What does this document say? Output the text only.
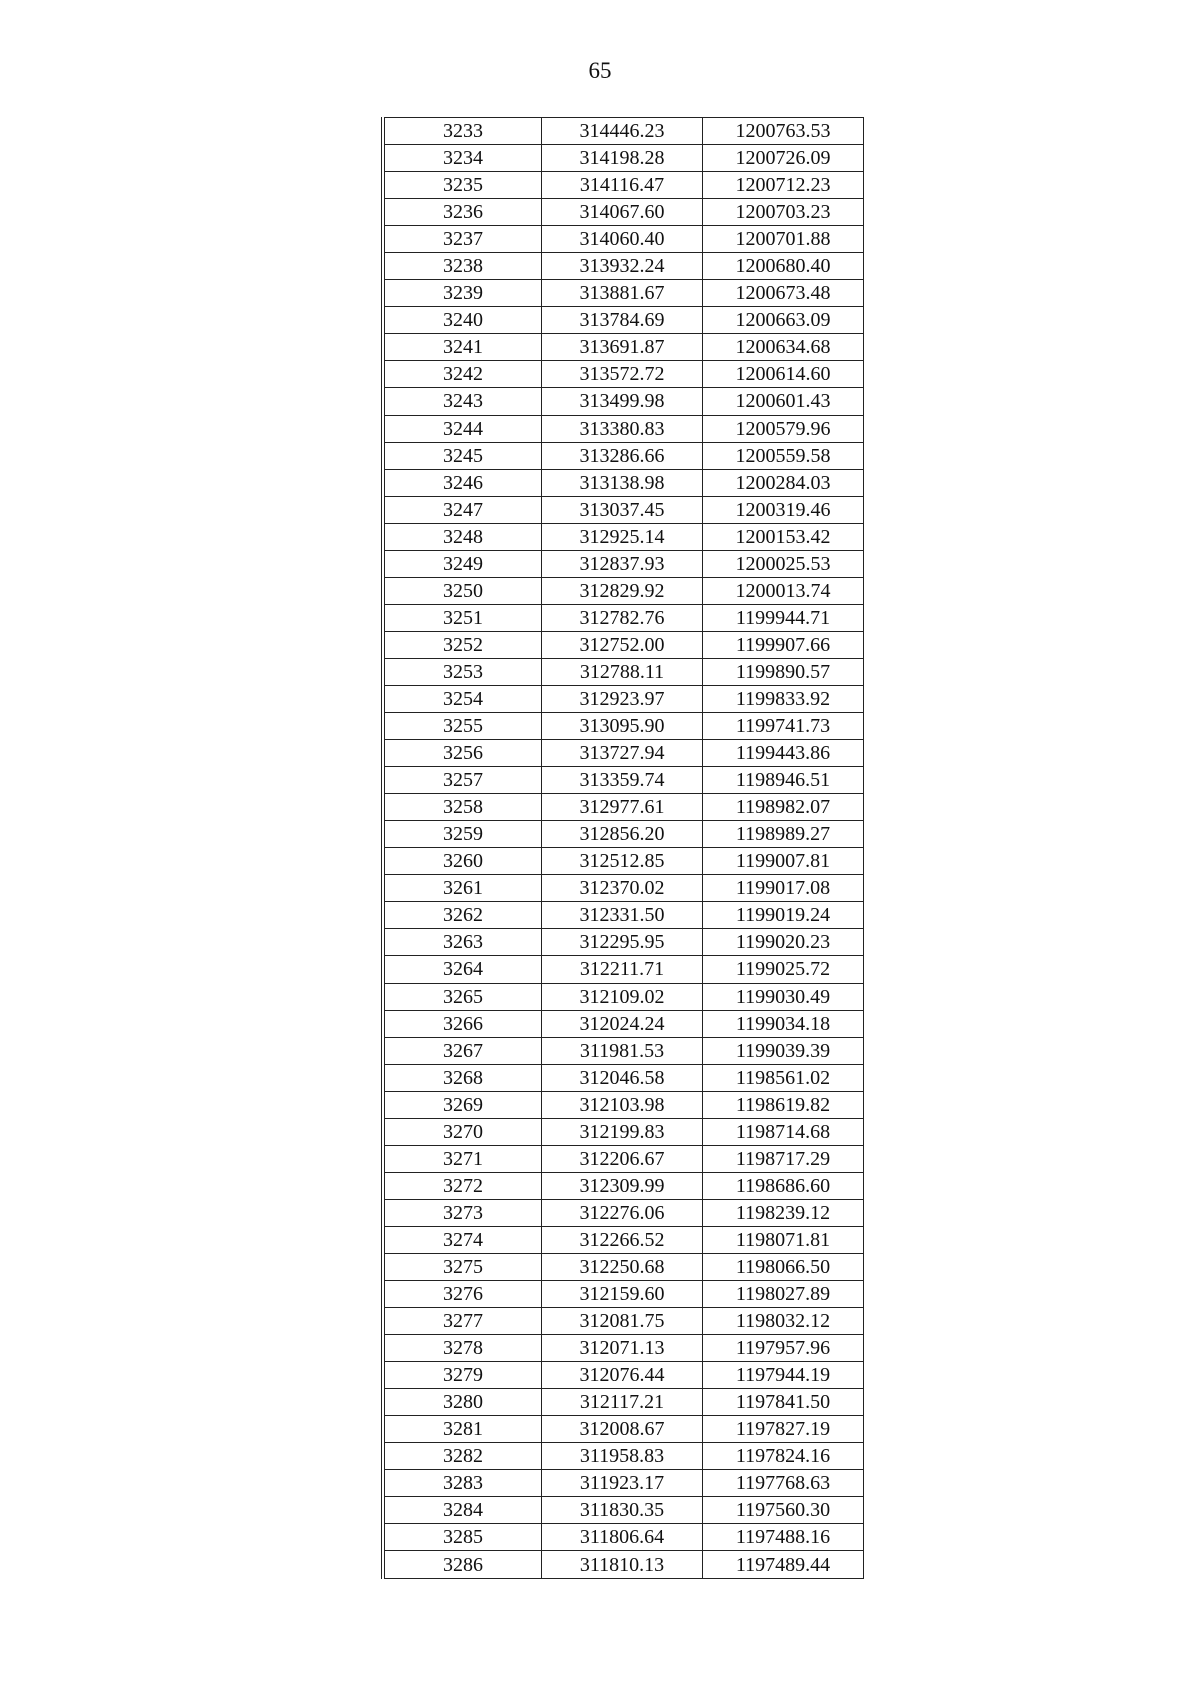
65
3233	314446.23	1200763.53
3234	314198.28	1200726.09
3235	314116.47	1200712.23
3236	314067.60	1200703.23
3237	314060.40	1200701.88
3238	313932.24	1200680.40
3239	313881.67	1200673.48
3240	313784.69	1200663.09
3241	313691.87	1200634.68
3242	313572.72	1200614.60
3243	313499.98	1200601.43
3244	313380.83	1200579.96
3245	313286.66	1200559.58
3246	313138.98	1200284.03
3247	313037.45	1200319.46
3248	312925.14	1200153.42
3249	312837.93	1200025.53
3250	312829.92	1200013.74
3251	312782.76	1199944.71
3252	312752.00	1199907.66
3253	312788.11	1199890.57
3254	312923.97	1199833.92
3255	313095.90	1199741.73
3256	313727.94	1199443.86
3257	313359.74	1198946.51
3258	312977.61	1198982.07
3259	312856.20	1198989.27
3260	312512.85	1199007.81
3261	312370.02	1199017.08
3262	312331.50	1199019.24
3263	312295.95	1199020.23
3264	312211.71	1199025.72
3265	312109.02	1199030.49
3266	312024.24	1199034.18
3267	311981.53	1199039.39
3268	312046.58	1198561.02
3269	312103.98	1198619.82
3270	312199.83	1198714.68
3271	312206.67	1198717.29
3272	312309.99	1198686.60
3273	312276.06	1198239.12
3274	312266.52	1198071.81
3275	312250.68	1198066.50
3276	312159.60	1198027.89
3277	312081.75	1198032.12
3278	312071.13	1197957.96
3279	312076.44	1197944.19
3280	312117.21	1197841.50
3281	312008.67	1197827.19
3282	311958.83	1197824.16
3283	311923.17	1197768.63
3284	311830.35	1197560.30
3285	311806.64	1197488.16
3286	311810.13	1197489.44
